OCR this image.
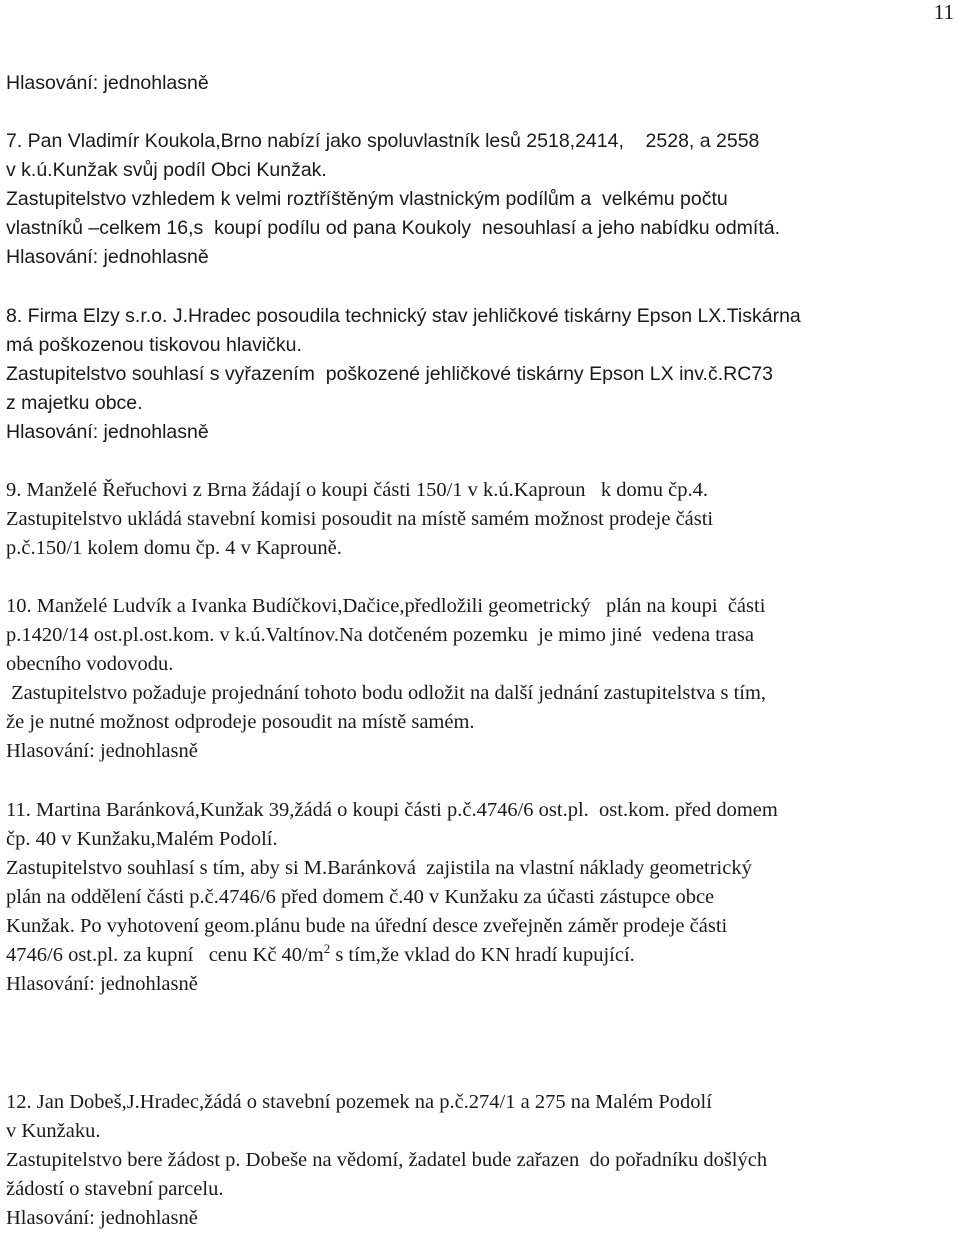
11
Hlasování: jednohlasně
7. Pan Vladimír Koukola,Brno nabízí jako spoluvlastník lesů 2518,2414,    2528, a 2558
v k.ú.Kunžak svůj podíl Obci Kunžak.
Zastupitelstvo vzhledem k velmi roztříštěným vlastnickým podílům a  velkému počtu
vlastníků –celkem 16,s  koupí podílu od pana Koukoly  nesouhlasí a jeho nabídku odmítá.
Hlasování: jednohlasně
8. Firma Elzy s.r.o. J.Hradec posoudila technický stav jehličkové tiskárny Epson LX.Tiskárna
má poškozenou tiskovou hlavičku.
Zastupitelstvo souhlasí s vyřazením  poškozené jehličkové tiskárny Epson LX inv.č.RC73
z majetku obce.
Hlasování: jednohlasně
9. Manželé Řeřuchovi z Brna žádají o koupi části 150/1 v k.ú.Kaproun   k domu čp.4.
Zastupitelstvo ukládá stavební komisi posoudit na místě samém možnost prodeje části
p.č.150/1 kolem domu čp. 4 v Kaprouně.
10. Manželé Ludvík a Ivanka Budíčkovi,Dačice,předložili geometrický   plán na koupi  části
p.1420/14 ost.pl.ost.kom. v k.ú.Valtínov.Na dotčeném pozemku  je mimo jiné  vedena trasa
obecního vodovodu.
Zastupitelstvo požaduje projednání tohoto bodu odložit na další jednání zastupitelstva s tím,
že je nutné možnost odprodeje posoudit na místě samém.
Hlasování: jednohlasně
11. Martina Baránková,Kunžak 39,žádá o koupi části p.č.4746/6 ost.pl.  ost.kom. před domem
čp. 40 v Kunžaku,Malém Podolí.
Zastupitelstvo souhlasí s tím, aby si M.Baránková  zajistila na vlastní náklady geometrický
plán na oddělení části p.č.4746/6 před domem č.40 v Kunžaku za účasti zástupce obce
Kunžak. Po vyhotovení geom.plánu bude na úřední desce zveřejněn záměr prodeje části
4746/6 ost.pl. za kupní   cenu Kč $40/m^2$ s tím,že vklad do KN hradí kupující.
Hlasování: jednohlasně
12. Jan Dobeš,J.Hradec,žádá o stavební pozemek na p.č.274/1 a 275 na Malém Podolí
v Kunžaku.
Zastupitelstvo bere žádost p. Dobeše na vědomí, žadatel bude zařazen  do pořadníku došlých
žádostí o stavební parcelu.
Hlasování: jednohlasně
